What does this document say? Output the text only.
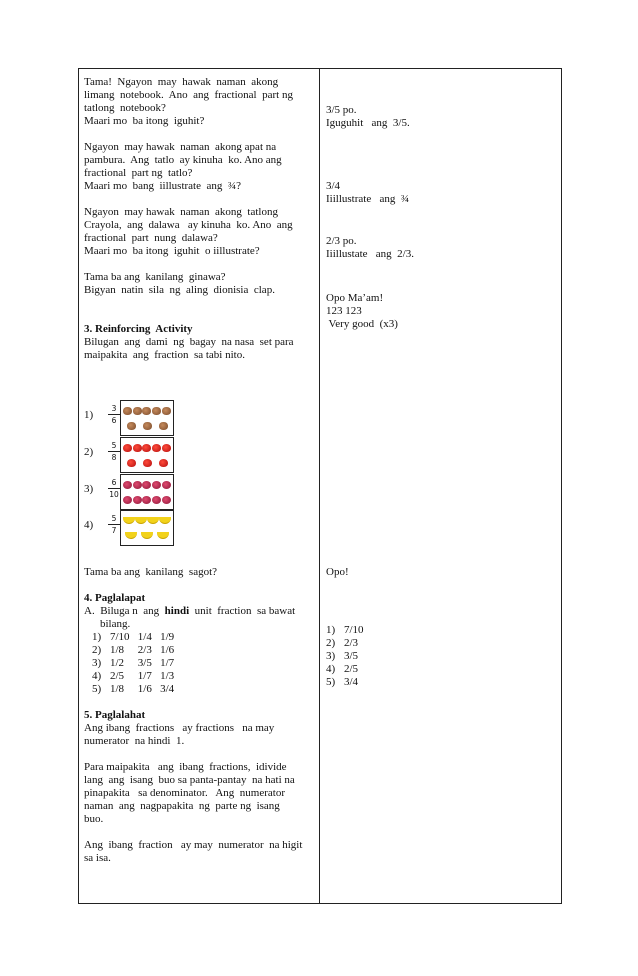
Tama!  Ngayon  may  hawak  naman  akong
limang  notebook.  Ano  ang  fractional  part ng
tatlong  notebook?
Maari mo  ba itong  iguhit?
Ngayon  may hawak  naman  akong apat na
pambura.  Ang  tatlo  ay kinuha  ko. Ano ang
fractional  part ng  tatlo?
Maari mo  bang  iillustrate  ang  ¾?
Ngayon  may hawak  naman  akong  tatlong
Crayola,  ang  dalawa   ay kinuha  ko. Ano  ang
fractional  part  nung  dalawa?
Maari mo  ba itong  iguhit  o iillustrate?
Tama ba ang  kanilang  ginawa?
Bigyan  natin  sila  ng  aling  dionisia  clap.
3. Reinforcing  Activity
Bilugan  ang  dami  ng  bagay  na nasa  set para
maipakita  ang  fraction  sa tabi nito.
1)	$\frac{3}{6}$
2)	$\frac{5}{8}$
3)	$\frac{6}{10}$
4)	$\frac{5}{7}$
Tama ba ang  kanilang  sagot?
4. Paglalapat
A.  Biluga n  ang  hindi  unit  fraction  sa bawat
bilang.
1) 7/10   1/4   1/9
2) 1/8     2/3   1/6
3) 1/2     3/5   1/7
4) 2/5     1/7   1/3
5) 1/8     1/6   3/4
5. Paglalahat
Ang ibang  fractions   ay fractions   na may
numerator  na hindi  1.
Para maipakita   ang  ibang  fractions,  idivide
lang  ang  isang  buo sa panta-pantay  na hati na
pinapakita   sa denominator.   Ang  numerator
naman  ang  nagpapakita  ng  parte ng  isang
buo.
Ang  ibang  fraction   ay may  numerator  na higit
sa isa.
3/5 po.
Iguguhit   ang  3/5.
3/4
Iiillustrate   ang  ¾
2/3 po.
Iiillustate   ang  2/3.
Opo Ma’am!
123 123
Very good  (x3)
Opo!
1) 7/10
2) 2/3
3) 3/5
4) 2/5
5) 3/4
